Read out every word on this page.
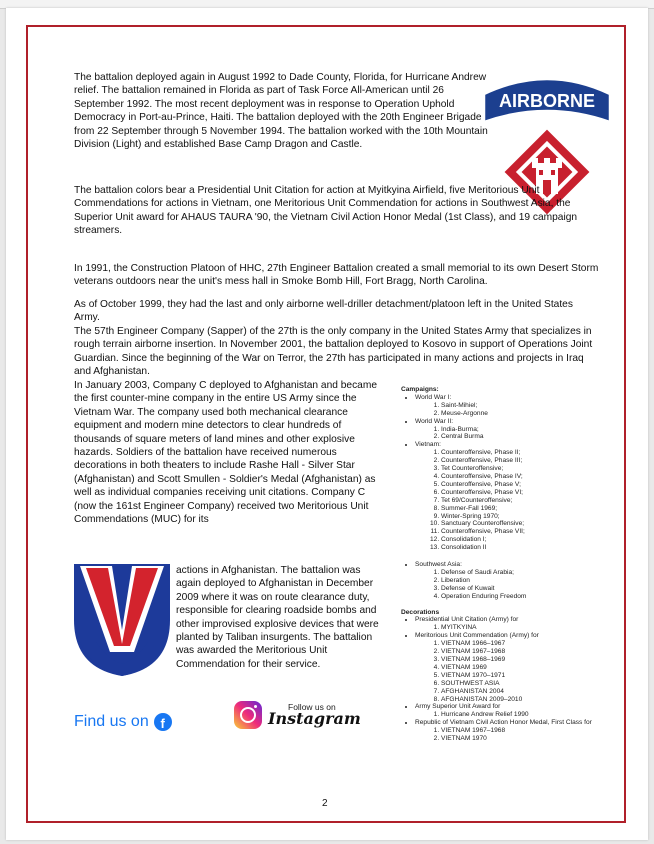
The battalion deployed again in August 1992 to Dade County, Florida, for Hurricane Andrew relief. The battalion remained in Florida as part of Task Force All-American until 26 September 1992. The most recent deployment was in response to Operation Uphold Democracy in Port-au-Prince, Haiti. The battalion deployed with the 20th Engineer Brigade from 22 September through 5 November 1994. The battalion worked with the 10th Mountain Division (Light) and established Base Camp Dragon and Castle.

AIRBORNE

The battalion colors bear a Presidential Unit Citation for action at Myitkyina Airfield, five Meritorious Unit Commendations for actions in Vietnam, one Meritorious Unit Commendation for actions in Southwest Asia, the Superior Unit award for AHAUS TAURA '90, the Vietnam Civil Action Honor Medal (1st Class), and 19 campaign streamers.

In 1991, the Construction Platoon of HHC, 27th Engineer Battalion created a small memorial to its own Desert Storm veterans outdoors near the unit's mess hall in Smoke Bomb Hill, Fort Bragg, North Carolina.

As of October 1999, they had the last and only airborne well-driller detachment/platoon left in the United States Army.

The 57th Engineer Company (Sapper) of the 27th is the only company in the United States Army that specializes in rough terrain airborne insertion. In November 2001, the battalion deployed to Kosovo in support of Operations Joint Guardian. Since the beginning of the War on Terror, the 27th has participated in many actions and projects in Iraq and Afghanistan.

In January 2003, Company C deployed to Afghanistan and became the first counter-mine company in the entire US Army since the Vietnam War. The company used both mechanical clearance equipment and modern mine detectors to clear hundreds of thousands of square meters of land mines and other explosive hazards. Soldiers of the battalion have received numerous decorations in both theaters to include Rashe Hall - Silver Star (Afghanistan) and Scott Smullen - Soldier's Medal (Afghanistan) as well as individual companies receiving unit citations. Company C (now the 161st Engineer Company) received two Meritorious Unit Commendations (MUC) for its

actions in Afghanistan. The battalion was again deployed to Afghanistan in December 2009 where it was on route clearance duty, responsible for clearing roadside bombs and other improvised explosive devices that were planted by Taliban insurgents. The battalion was awarded the Meritorious Unit Commendation for their service.

Campaigns:
• World War I:
1. Saint-Mihiel;
2. Meuse-Argonne
• World War II:
1. India-Burma;
2. Central Burma
• Vietnam:
1. Counteroffensive, Phase II;
2. Counteroffensive, Phase III;
3. Tet Counteroffensive;
4. Counteroffensive, Phase IV;
5. Counteroffensive, Phase V;
6. Counteroffensive, Phase VI;
7. Tet 69/Counteroffensive;
8. Summer-Fall 1969;
9. Winter-Spring 1970;
10. Sanctuary Counteroffensive;
11. Counteroffensive, Phase VII;
12. Consolidation I;
13. Consolidation II
• Southwest Asia:
1. Defense of Saudi Arabia;
2. Liberation
3. Defense of Kuwait
4. Operation Enduring Freedom
Decorations
• Presidential Unit Citation (Army) for
1. MYITKYINA
• Meritorious Unit Commendation (Army) for
1. VIETNAM 1966–1967
2. VIETNAM 1967–1968
3. VIETNAM 1968–1969
4. VIETNAM 1969
5. VIETNAM 1970–1971
6. SOUTHWEST ASIA
7. AFGHANISTAN 2004
8. AFGHANISTAN 2009–2010
• Army Superior Unit Award for
1. Hurricane Andrew Relief 1990
• Republic of Vietnam Civil Action Honor Medal, First Class for
1. VIETNAM 1967–1968
2. VIETNAM 1970
Find us on f
Follow us on
Instagram
2
